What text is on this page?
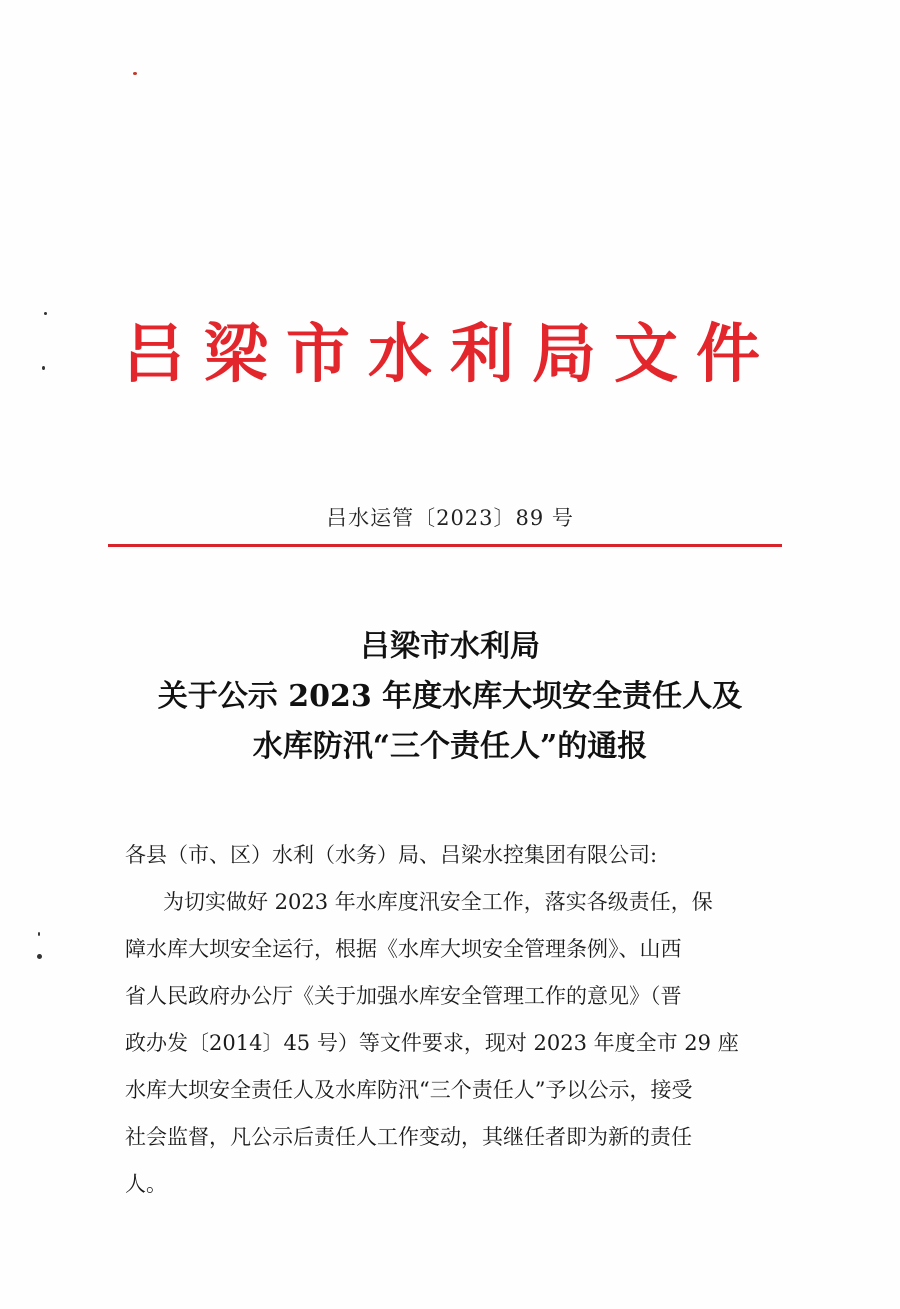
吕梁市水利局文件
吕水运管〔2023〕89 号
吕梁市水利局
关于公示 2023 年度水库大坝安全责任人及
水库防汛“三个责任人”的通报
各县（市、区）水利（水务）局、吕梁水控集团有限公司:
为切实做好 2023 年水库度汛安全工作，落实各级责任，保
障水库大坝安全运行，根据《水库大坝安全管理条例》、山西
省人民政府办公厅《关于加强水库安全管理工作的意见》（晋
政办发〔2014〕45 号）等文件要求，现对 2023 年度全市 29 座
水库大坝安全责任人及水库防汛“三个责任人”予以公示，接受
社会监督，凡公示后责任人工作变动，其继任者即为新的责任
人。
